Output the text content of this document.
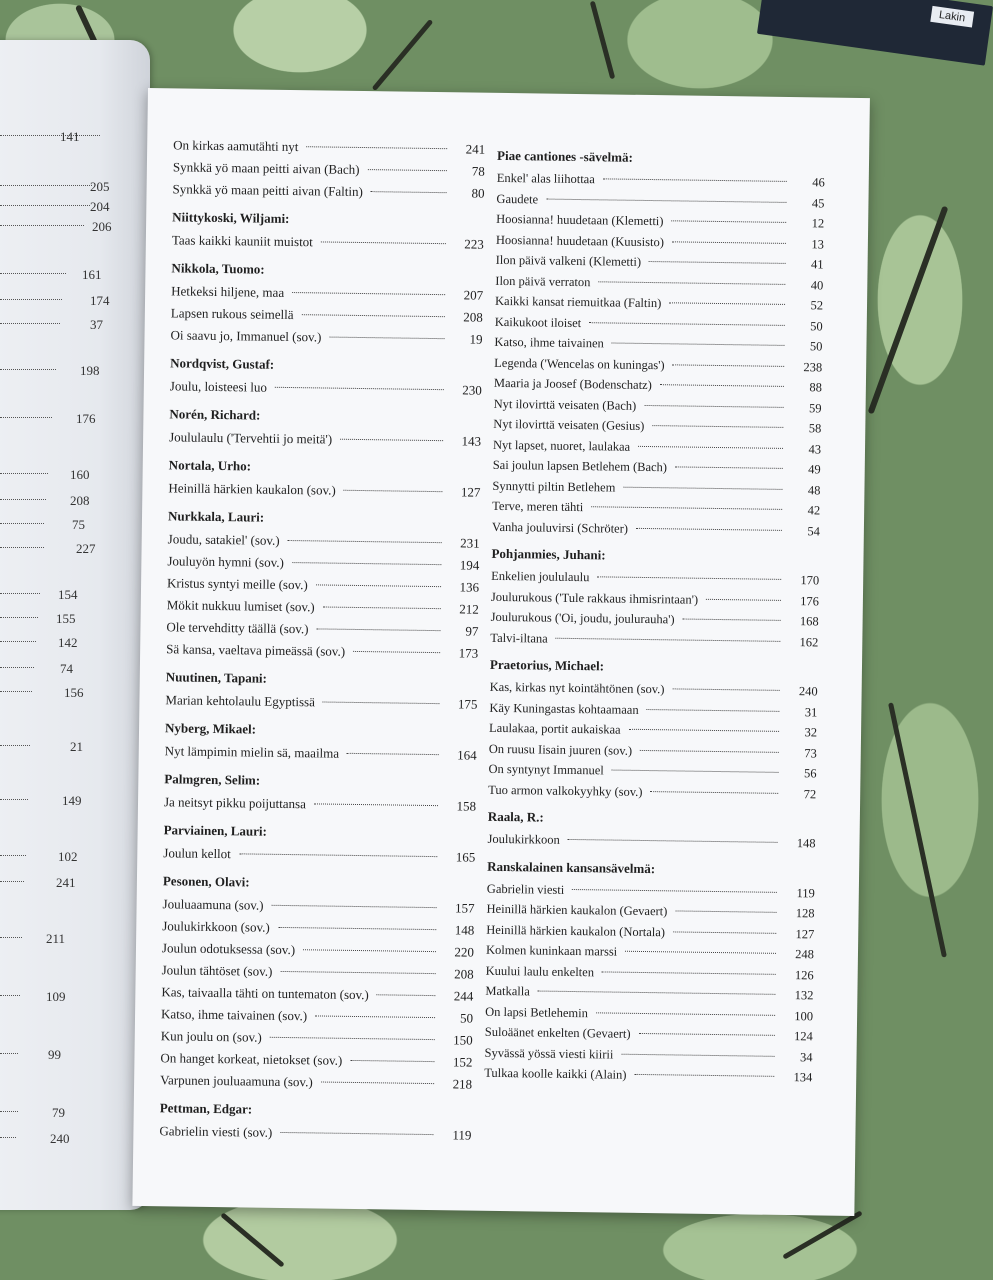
Lakin
141
205
204
206
161
174
37
198
176
160
208
75
227
154
155
142
74
156
21
149
102
241
211
109
99
79
240
On kirkas aamutähti nyt	241
Synkkä yö maan peitti aivan (Bach)	78
Synkkä yö maan peitti aivan (Faltin)	80
Niittykoski, Wiljami:
Taas kaikki kauniit muistot	223
Nikkola, Tuomo:
Hetkeksi hiljene, maa	207
Lapsen rukous seimellä	208
Oi saavu jo, Immanuel (sov.)	19
Nordqvist, Gustaf:
Joulu, loisteesi luo	230
Norén, Richard:
Joululaulu ('Tervehtii jo meitä')	143
Nortala, Urho:
Heinillä härkien kaukalon (sov.)	127
Nurkkala, Lauri:
Joudu, satakiel' (sov.)	231
Jouluyön hymni (sov.)	194
Kristus syntyi meille (sov.)	136
Mökit nukkuu lumiset (sov.)	212
Ole tervehditty täällä (sov.)	97
Sä kansa, vaeltava pimeässä (sov.)	173
Nuutinen, Tapani:
Marian kehtolaulu Egyptissä	175
Nyberg, Mikael:
Nyt lämpimin mielin sä, maailma	164
Palmgren, Selim:
Ja neitsyt pikku poijuttansa	158
Parviainen, Lauri:
Joulun kellot	165
Pesonen, Olavi:
Jouluaamuna (sov.)	157
Joulukirkkoon (sov.)	148
Joulun odotuksessa (sov.)	220
Joulun tähtöset (sov.)	208
Kas, taivaalla tähti on tuntematon (sov.)	244
Katso, ihme taivainen (sov.)	50
Kun joulu on (sov.)	150
On hanget korkeat, nietokset (sov.)	152
Varpunen jouluaamuna (sov.)	218
Pettman, Edgar:
Gabrielin viesti (sov.)	119
Piae cantiones -sävelmä:
Enkel' alas liihottaa	46
Gaudete	45
Hoosianna! huudetaan (Klemetti)	12
Hoosianna! huudetaan (Kuusisto)	13
Ilon päivä valkeni (Klemetti)	41
Ilon päivä verraton	40
Kaikki kansat riemuitkaa (Faltin)	52
Kaikukoot iloiset	50
Katso, ihme taivainen	50
Legenda ('Wencelas on kuningas')	238
Maaria ja Joosef (Bodenschatz)	88
Nyt ilovirttä veisaten (Bach)	59
Nyt ilovirttä veisaten (Gesius)	58
Nyt lapset, nuoret, laulakaa	43
Sai joulun lapsen Betlehem (Bach)	49
Synnytti piltin Betlehem	48
Terve, meren tähti	42
Vanha jouluvirsi (Schröter)	54
Pohjanmies, Juhani:
Enkelien joululaulu	170
Joulurukous ('Tule rakkaus ihmisrintaan')	176
Joulurukous ('Oi, joudu, joulurauha')	168
Talvi-iltana	162
Praetorius, Michael:
Kas, kirkas nyt kointähtönen (sov.)	240
Käy Kuningastas kohtaamaan	31
Laulakaa, portit aukaiskaa	32
On ruusu Iisain juuren (sov.)	73
On syntynyt Immanuel	56
Tuo armon valkokyyhky (sov.)	72
Raala, R.:
Joulukirkkoon	148
Ranskalainen kansansävelmä:
Gabrielin viesti	119
Heinillä härkien kaukalon (Gevaert)	128
Heinillä härkien kaukalon (Nortala)	127
Kolmen kuninkaan marssi	248
Kuului laulu enkelten	126
Matkalla	132
On lapsi Betlehemin	100
Suloäänet enkelten (Gevaert)	124
Syvässä yössä viesti kiirii	34
Tulkaa koolle kaikki (Alain)	134
